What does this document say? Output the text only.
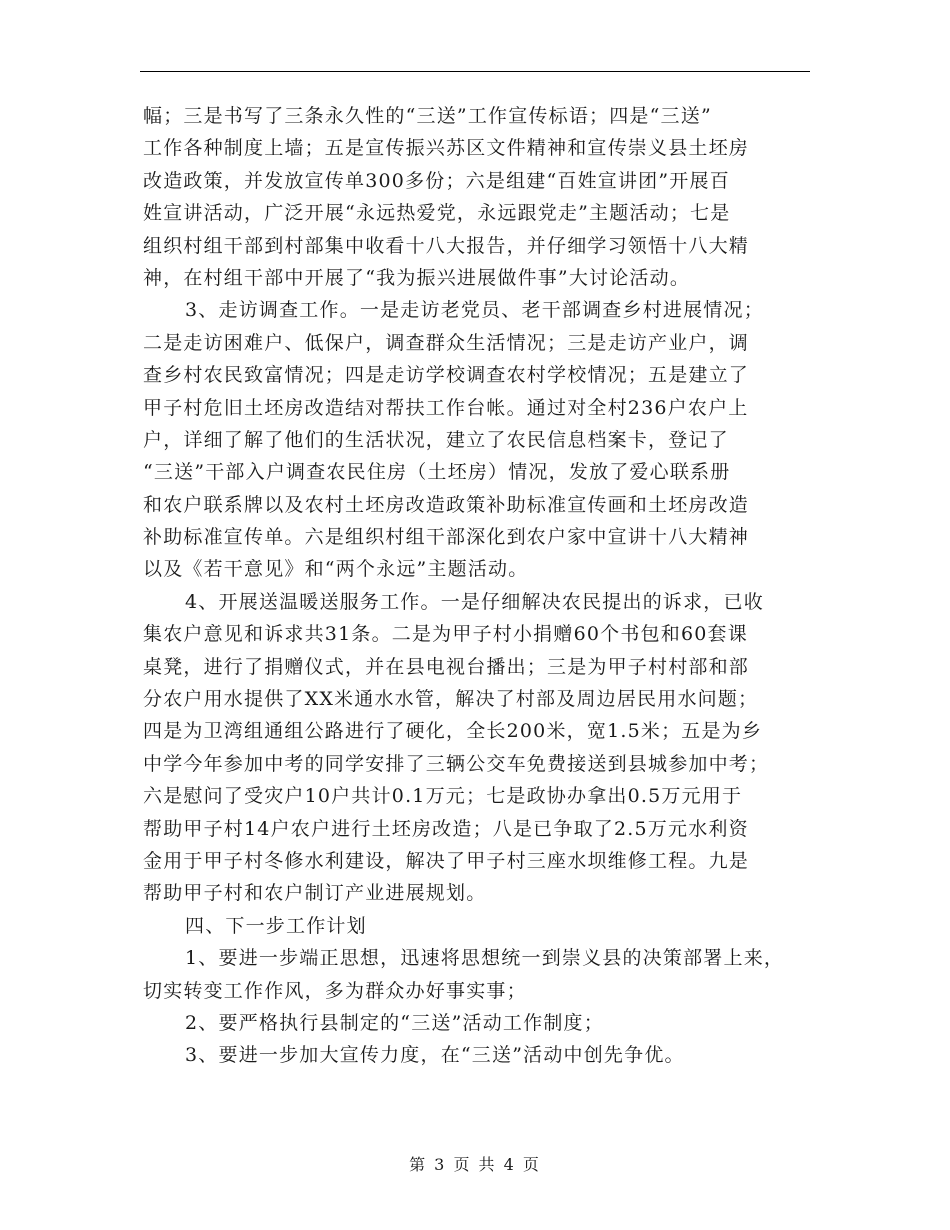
幅；三是书写了三条永久性的“三送”工作宣传标语；四是“三送”
工作各种制度上墙；五是宣传振兴苏区文件精神和宣传崇义县土坯房
改造政策，并发放宣传单300多份；六是组建“百姓宣讲团”开展百
姓宣讲活动，广泛开展“永远热爱党，永远跟党走”主题活动；七是
组织村组干部到村部集中收看十八大报告，并仔细学习领悟十八大精
神，在村组干部中开展了“我为振兴进展做件事”大讨论活动。

3、走访调查工作。一是走访老党员、老干部调查乡村进展情况；
二是走访困难户、低保户，调查群众生活情况；三是走访产业户，调
查乡村农民致富情况；四是走访学校调查农村学校情况；五是建立了
甲子村危旧土坯房改造结对帮扶工作台帐。通过对全村236户农户上
户，详细了解了他们的生活状况，建立了农民信息档案卡，登记了
“三送”干部入户调查农民住房（土坯房）情况，发放了爱心联系册
和农户联系牌以及农村土坯房改造政策补助标准宣传画和土坯房改造
补助标准宣传单。六是组织村组干部深化到农户家中宣讲十八大精神
以及《若干意见》和“两个永远”主题活动。

4、开展送温暖送服务工作。一是仔细解决农民提出的诉求，已收
集农户意见和诉求共31条。二是为甲子村小捐赠60个书包和60套课
桌凳，进行了捐赠仪式，并在县电视台播出；三是为甲子村村部和部
分农户用水提供了XX米通水水管，解决了村部及周边居民用水问题；
四是为卫湾组通组公路进行了硬化，全长200米，宽1.5米；五是为乡
中学今年参加中考的同学安排了三辆公交车免费接送到县城参加中考；
六是慰问了受灾户10户共计0.1万元；七是政协办拿出0.5万元用于
帮助甲子村14户农户进行土坯房改造；八是已争取了2.5万元水利资
金用于甲子村冬修水利建设，解决了甲子村三座水坝维修工程。九是
帮助甲子村和农户制订产业进展规划。

四、下一步工作计划

1、要进一步端正思想，迅速将思想统一到崇义县的决策部署上来，
切实转变工作作风，多为群众办好事实事；

2、要严格执行县制定的“三送”活动工作制度；

3、要进一步加大宣传力度，在“三送”活动中创先争优。

第 3 页 共 4 页
